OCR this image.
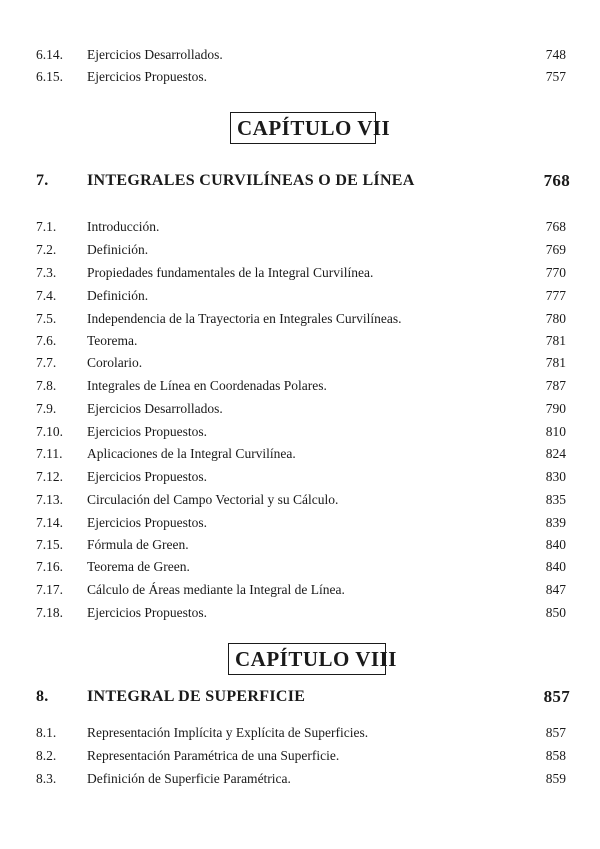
6.14. Ejercicios Desarrollados.	748
6.15. Ejercicios Propuestos.	757
CAPÍTULO VII
7. INTEGRALES CURVILÍNEAS O DE LÍNEA	768
7.1. Introducción.	768
7.2. Definición.	769
7.3. Propiedades fundamentales de la Integral Curvilínea.	770
7.4. Definición.	777
7.5. Independencia de la Trayectoria en Integrales Curvilíneas.	780
7.6. Teorema.	781
7.7. Corolario.	781
7.8. Integrales de Línea en Coordenadas Polares.	787
7.9. Ejercicios Desarrollados.	790
7.10. Ejercicios Propuestos.	810
7.11. Aplicaciones de la Integral Curvilínea.	824
7.12. Ejercicios Propuestos.	830
7.13. Circulación del Campo Vectorial y su Cálculo.	835
7.14. Ejercicios Propuestos.	839
7.15. Fórmula de Green.	840
7.16. Teorema de Green.	840
7.17. Cálculo de Áreas mediante la Integral de Línea.	847
7.18. Ejercicios Propuestos.	850
CAPÍTULO VIII
8. INTEGRAL DE SUPERFICIE	857
8.1. Representación Implícita y Explícita de Superficies.	857
8.2. Representación Paramétrica de una Superficie.	858
8.3. Definición de Superficie Paramétrica.	859
